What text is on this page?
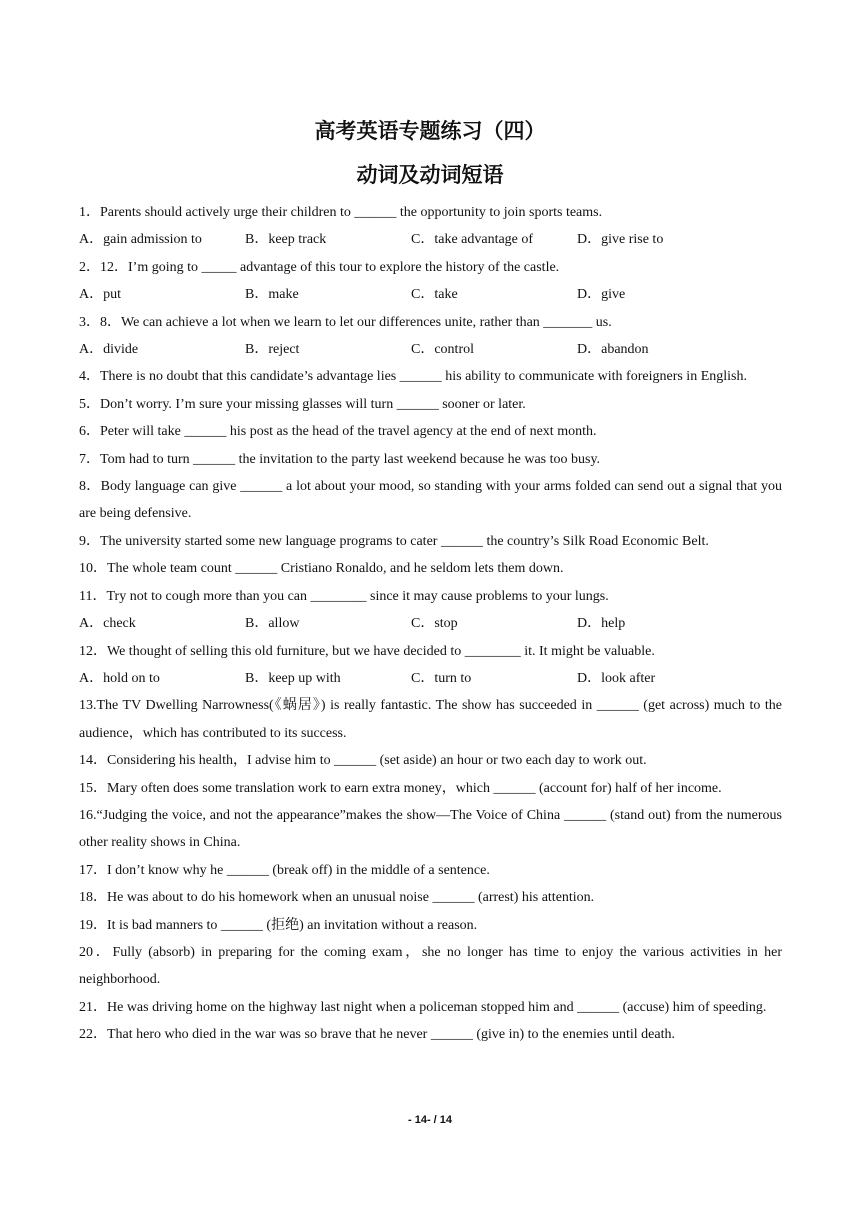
高考英语专题练习（四）
动词及动词短语

1．Parents should actively urge their children to ______ the opportunity to join sports teams.

A．gain admission to	B．keep track	C．take advantage of	D．give rise to

2．12．I’m going to _____ advantage of this tour to explore the history of the castle.

A．put	B．make	C．take	D．give

3．8．We can achieve a lot when we learn to let our differences unite, rather than _______ us.

A．divide	B．reject	C．control	D．abandon

4．There is no doubt that this candidate’s advantage lies ______ his ability to communicate with foreigners in English.

5．Don’t worry. I’m sure your missing glasses will turn ______ sooner or later.

6．Peter will take ______ his post as the head of the travel agency at the end of next month.

7．Tom had to turn ______ the invitation to the party last weekend because he was too busy.

8．Body language can give ______ a lot about your mood, so standing with your arms folded can send out a signal that you are being defensive.

9．The university started some new language programs to cater ______ the country’s Silk Road Economic Belt.

10．The whole team count ______ Cristiano Ronaldo, and he seldom lets them down.

11．Try not to cough more than you can ________ since it may cause problems to your lungs.

A．check	B．allow	C．stop	D．help

12．We thought of selling this old furniture, but we have decided to ________ it. It might be valuable.

A．hold on to	B．keep up with	C．turn to	D．look after

13.The TV Dwelling Narrowness(《蜗居》) is really fantastic. The show has succeeded in ______ (get across) much to the audience，which has contributed to its success.

14．Considering his health，I advise him to ______ (set aside) an hour or two each day to work out.

15．Mary often does some translation work to earn extra money，which ______ (account for) half of her income.

16.“Judging the voice, and not the appearance”makes the show—The Voice of China ______ (stand out) from the numerous other reality shows in China.

17．I don’t know why he ______ (break off) in the middle of a sentence.

18．He was about to do his homework when an unusual noise ______ (arrest) his attention.

19．It is bad manners to ______ (拒绝) an invitation without a reason.

20．Fully (absorb) in preparing for the coming exam，she no longer has time to enjoy the various activities in her neighborhood.

21．He was driving home on the highway last night when a policeman stopped him and ______ (accuse) him of speeding.

22．That hero who died in the war was so brave that he never ______ (give in) to the enemies until death.

- 14- / 14
